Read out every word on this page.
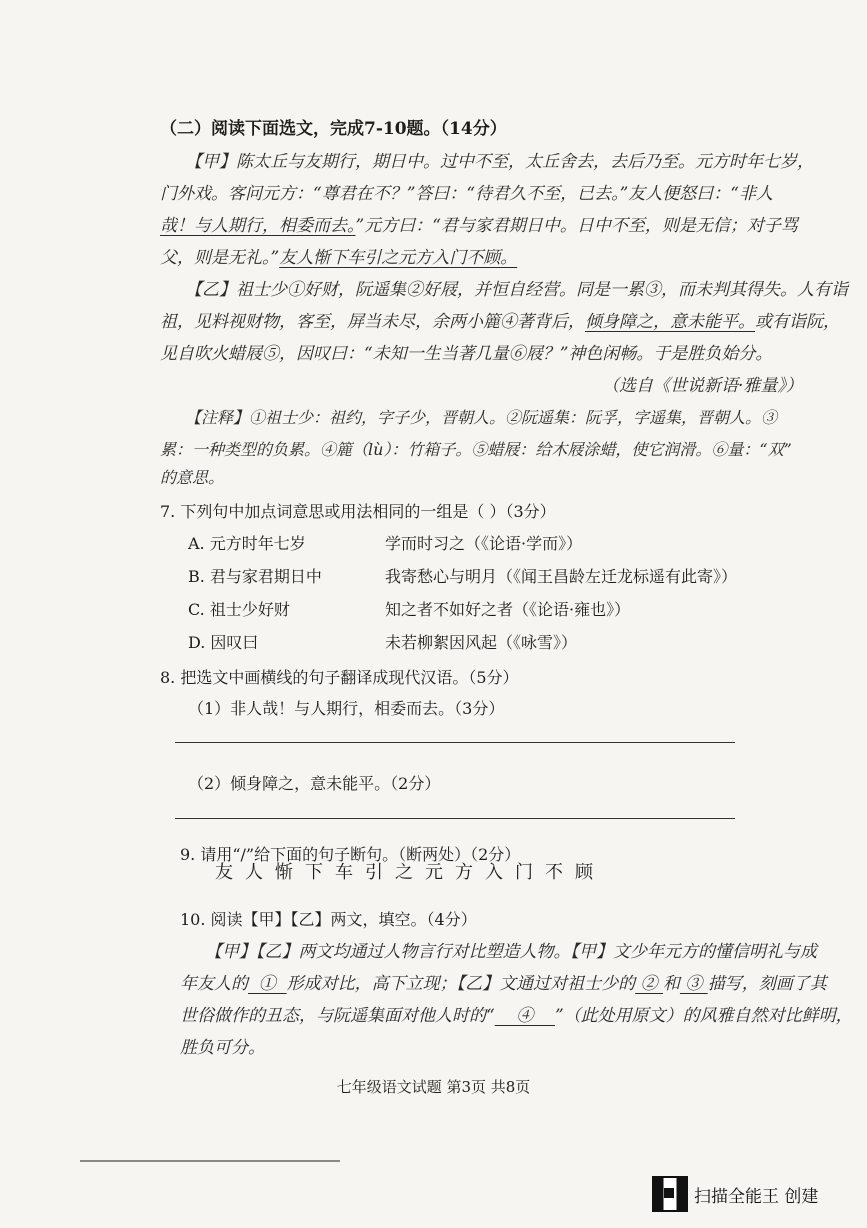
（二）阅读下面选文，完成7-10题。（14分）
【甲】陈太丘与友期行，期日中。过中不至，太丘舍去，去后乃至。元方时年七岁，
门外戏。客问元方：“尊君在不？”答曰：“待君久不至，已去。”友人便怒曰：“非人
哉！与人期行，相委而去。”元方曰：“君与家君期日中。日中不至，则是无信；对子骂
父，则是无礼。”友人惭下车引之元方入门不顾。
【乙】祖士少①好财，阮遥集②好屐，并恒自经营。同是一累③，而未判其得失。人有诣
祖，见料视财物，客至，屏当未尽，余两小簏④著背后，倾身障之，意未能平。或有诣阮，
见自吹火蜡屐⑤，因叹曰：“未知一生当著几量⑥屐？”神色闲畅。于是胜负始分。
（选自《世说新语·雅量》）
【注释】①祖士少：祖约，字子少，晋朝人。②阮遥集：阮孚，字遥集，晋朝人。③
累：一种类型的负累。④簏（lù）：竹箱子。⑤蜡屐：给木屐涂蜡，使它润滑。⑥量：“双”
的意思。
7. 下列句中加点词意思或用法相同的一组是（ ）（3分）
A. 元方时年七岁	学而时习之（《论语·学而》）
B. 君与家君期日中	我寄愁心与明月（《闻王昌龄左迁龙标遥有此寄》）
C. 祖士少好财	知之者不如好之者（《论语·雍也》）
D. 因叹曰	未若柳絮因风起（《咏雪》）
8. 把选文中画横线的句子翻译成现代汉语。（5分）
（1）非人哉！与人期行，相委而去。（3分）
（2）倾身障之，意未能平。（2分）
9. 请用“/”给下面的句子断句。（断两处）（2分）
友人惭下车引之元方入门不顾
10. 阅读【甲】【乙】两文，填空。（4分）
【甲】【乙】两文均通过人物言行对比塑造人物。【甲】文少年元方的懂信明礼与成
年友人的  ①  形成对比，高下立现；【乙】文通过对祖士少的 ② 和 ③ 描写，刻画了其
世俗做作的丑态，与阮遥集面对他人时的“    ④    ”（此处用原文）的风雅自然对比鲜明，
胜负可分。
七年级语文试题 第3页 共8页
扫描全能王 创建
